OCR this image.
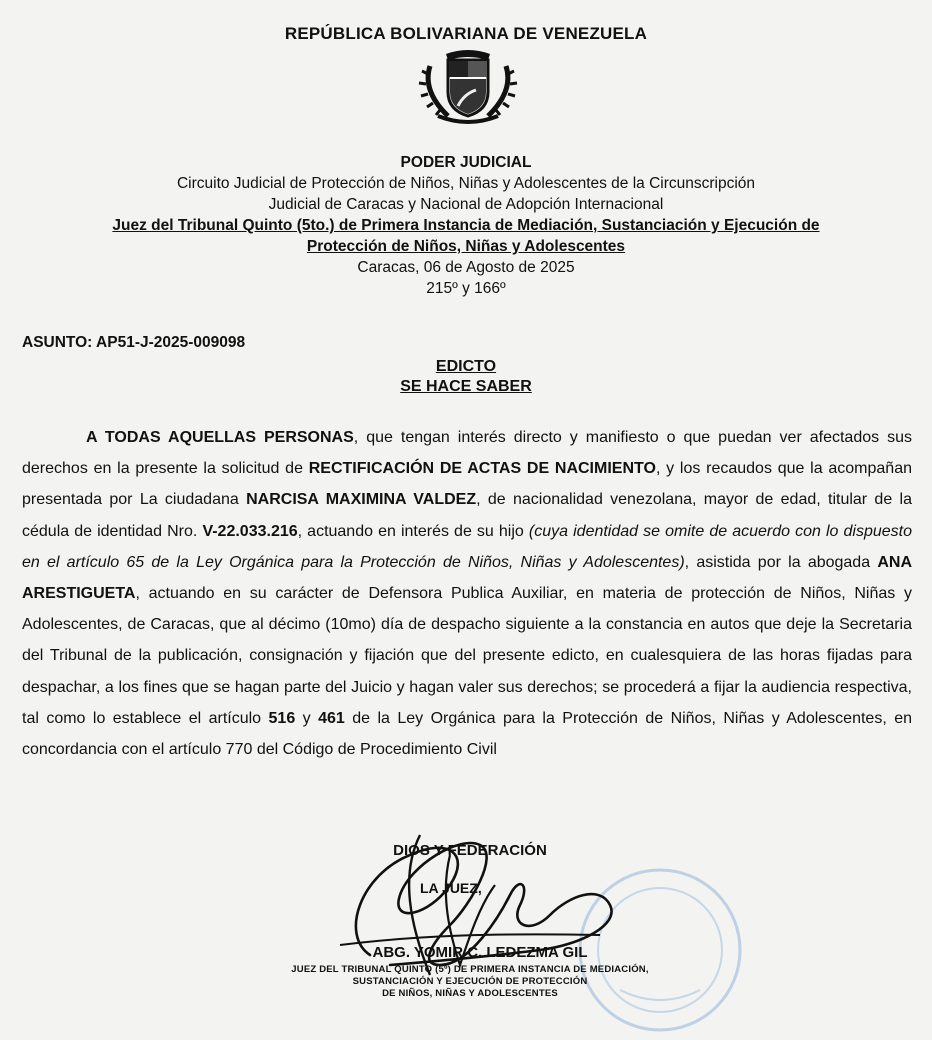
REPÚBLICA BOLIVARIANA DE VENEZUELA
PODER JUDICIAL
Circuito Judicial de Protección de Niños, Niñas y Adolescentes de la Circunscripción
Judicial de Caracas y Nacional de Adopción Internacional
Juez del Tribunal Quinto (5to.) de Primera Instancia de Mediación, Sustanciación y Ejecución de
Protección de Niños, Niñas y Adolescentes
Caracas, 06 de Agosto de 2025
215º y 166º
ASUNTO: AP51-J-2025-009098
EDICTO
SE HACE SABER
A TODAS AQUELLAS PERSONAS, que tengan interés directo y manifiesto o que puedan ver afectados sus derechos en la presente la solicitud de RECTIFICACIÓN DE ACTAS DE NACIMIENTO, y los recaudos que la acompañan presentada por La ciudadana NARCISA MAXIMINA VALDEZ, de nacionalidad venezolana, mayor de edad, titular de la cédula de identidad Nro. V-22.033.216, actuando en interés de su hijo (cuya identidad se omite de acuerdo con lo dispuesto en el artículo 65 de la Ley Orgánica para la Protección de Niños, Niñas y Adolescentes), asistida por la abogada ANA ARESTIGUETA, actuando en su carácter de Defensora Publica Auxiliar, en materia de protección de Niños, Niñas y Adolescentes, de Caracas, que al décimo (10mo) día de despacho siguiente a la constancia en autos que deje la Secretaria del Tribunal de la publicación, consignación y fijación que del presente edicto, en cualesquiera de las horas fijadas para despachar, a los fines que se hagan parte del Juicio y hagan valer sus derechos; se procederá a fijar la audiencia respectiva, tal como lo establece el artículo 516 y 461 de la Ley Orgánica para la Protección de Niños, Niñas y Adolescentes, en concordancia con el artículo 770 del Código de Procedimiento Civil
DIOS Y FEDERACIÓN
LA JUEZ,
ABG. YOMIR C. LEDEZMA GIL
JUEZ DEL TRIBUNAL QUINTO (5º) DE PRIMERA INSTANCIA DE MEDIACIÓN,
SUSTANCIACIÓN Y EJECUCIÓN DE PROTECCIÓN
DE NIÑOS, NIÑAS Y ADOLESCENTES
